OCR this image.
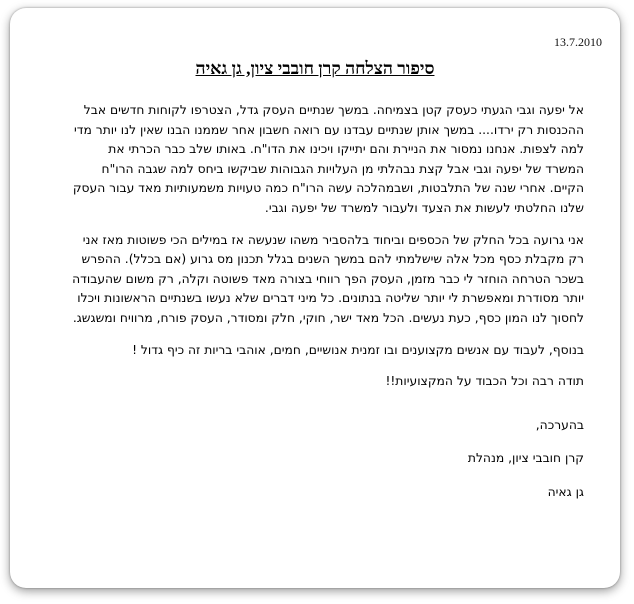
13.7.2010
סיפור הצלחה קרן חובבי ציון, גן גאיה
אל יפעה וגבי הגעתי כעסק קטן בצמיחה. במשך שנתיים העסק גדל, הצטרפו לקוחות חדשים אבל
ההכנסות רק ירדו.... במשך אותן שנתיים עבדנו עם רואה חשבון אחר שממנו הבנו שאין לנו יותר מדי
למה לצפות. אנחנו נמסור את הניירת והם יתייקו ויכינו את הדו"ח. באותו שלב כבר הכרתי את
המשרד של יפעה וגבי אבל קצת נבהלתי מן העלויות הגבוהות שביקשו ביחס למה שגבה הרו"ח
הקיים. אחרי שנה של התלבטות, ושבמהלכה עשה הרו"ח כמה טעויות משמעותיות מאד עבור העסק
שלנו החלטתי לעשות את הצעד ולעבור למשרד של יפעה וגבי.
אני גרועה בכל החלק של הכספים וביחוד בלהסביר משהו שנעשה אז במילים הכי פשוטות מאז אני
רק מקבלת כסף מכל אלה שישלמתי להם במשך השנים בגלל תכנון מס גרוע (אם בכלל). ההפרש
בשכר הטרחה הוחזר לי כבר מזמן, העסק הפך רווחי בצורה מאד פשוטה וקלה, רק משום שהעבודה
יותר מסודרת ומאפשרת לי יותר שליטה בנתונים. כל מיני דברים שלא נעשו בשנתיים הראשונות ויכלו
לחסוך לנו המון כסף, כעת נעשים. הכל מאד ישר, חוקי, חלק ומסודר, העסק פורח, מרוויח ומשגשג.
בנוסף, לעבוד עם אנשים מקצוענים ובו זמנית אנושיים, חמים, אוהבי בריות זה כיף גדול !
תודה רבה וכל הכבוד על המקצועיות!!
בהערכה,
קרן חובבי ציון, מנהלת
גן גאיה
